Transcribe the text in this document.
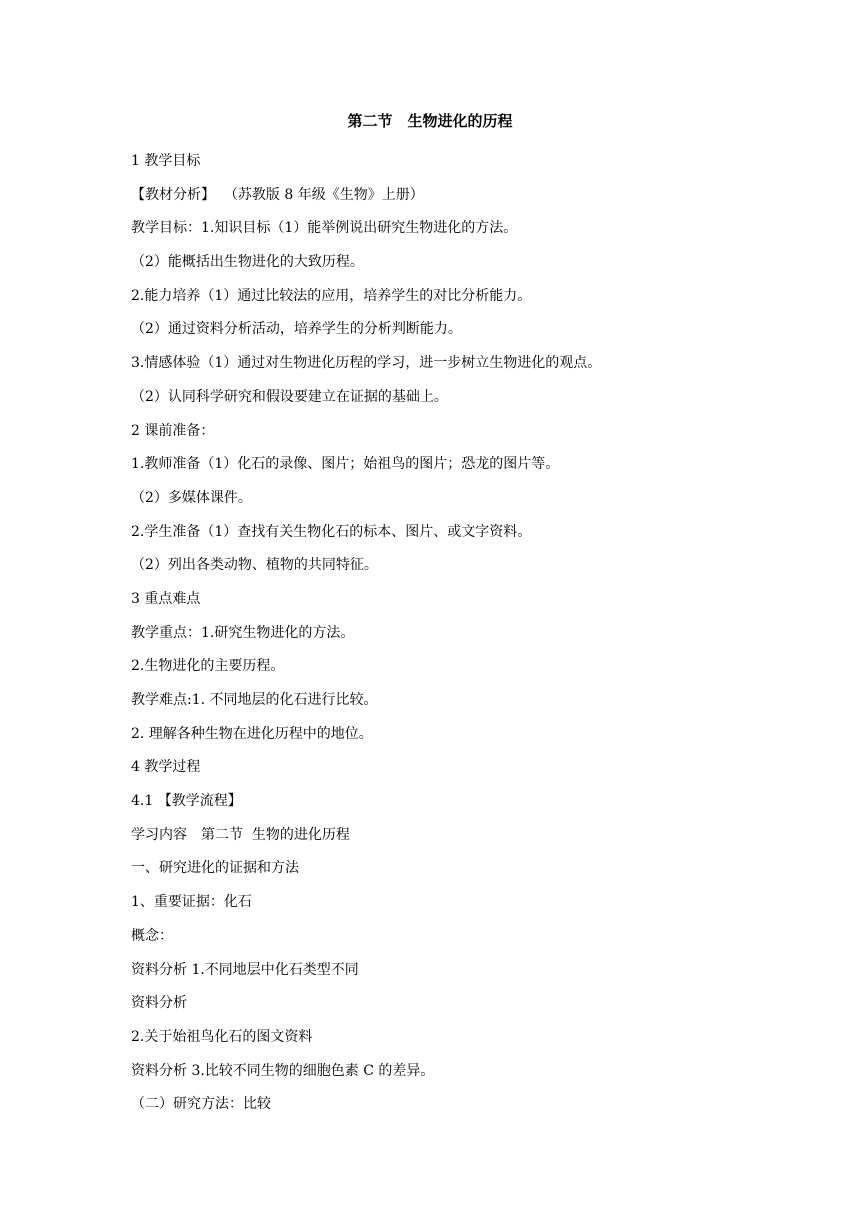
第二节　生物进化的历程
1 教学目标
【教材分析】  （苏教版 8 年级《生物》上册）
教学目标：1.知识目标（1）能举例说出研究生物进化的方法。
（2）能概括出生物进化的大致历程。
2.能力培养（1）通过比较法的应用，培养学生的对比分析能力。
（2）通过资料分析活动，培养学生的分析判断能力。
3.情感体验（1）通过对生物进化历程的学习，进一步树立生物进化的观点。
（2）认同科学研究和假设要建立在证据的基础上。
2 课前准备：
1.教师准备（1）化石的录像、图片；始祖鸟的图片；恐龙的图片等。
（2）多媒体课件。
2.学生准备（1）查找有关生物化石的标本、图片、或文字资料。
（2）列出各类动物、植物的共同特征。
3 重点难点
教学重点：1.研究生物进化的方法。
2.生物进化的主要历程。
教学难点:1. 不同地层的化石进行比较。
2. 理解各种生物在进化历程中的地位。
4 教学过程
4.1 【教学流程】
学习内容　第二节  生物的进化历程
一、研究进化的证据和方法
1、重要证据：化石
概念：
资料分析 1.不同地层中化石类型不同
资料分析
2.关于始祖鸟化石的图文资料
资料分析 3.比较不同生物的细胞色素 C 的差异。
（二）研究方法：比较
